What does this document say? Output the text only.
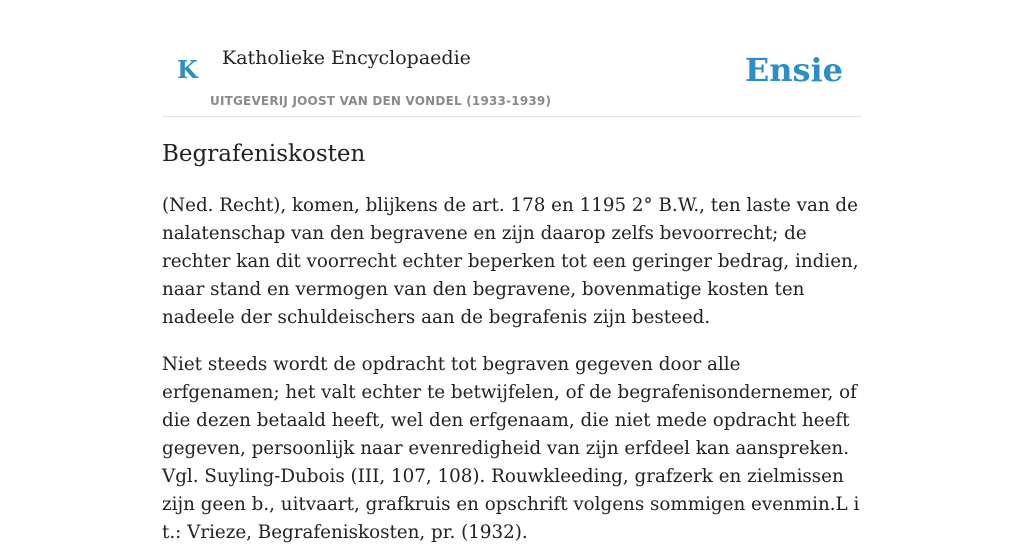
K Katholieke Encyclopaedie
UITGEVERIJ JOOST VAN DEN VONDEL (1933-1939)
Ensie
Begrafeniskosten

(Ned. Recht), komen, blijkens de art. 178 en 1195 2° B.W., ten laste van de nalatenschap van den begravene en zijn daarop zelfs bevoorrecht; de rechter kan dit voorrecht echter beperken tot een geringer bedrag, indien, naar stand en vermogen van den begravene, bovenmatige kosten ten nadeele der schuldeischers aan de begrafenis zijn besteed.

Niet steeds wordt de opdracht tot begraven gegeven door alle erfgenamen; het valt echter te betwijfelen, of de begrafenisondernemer, of die dezen betaald heeft, wel den erfgenaam, die niet mede opdracht heeft gegeven, persoonlijk naar evenredigheid van zijn erfdeel kan aanspreken. Vgl. Suyling-Dubois (III, 107, 108). Rouwkleeding, grafzerk en zielmissen zijn geen b., uitvaart, grafkruis en opschrift volgens sommigen evenmin.L i t.: Vrieze, Begrafeniskosten, pr. (1932).
